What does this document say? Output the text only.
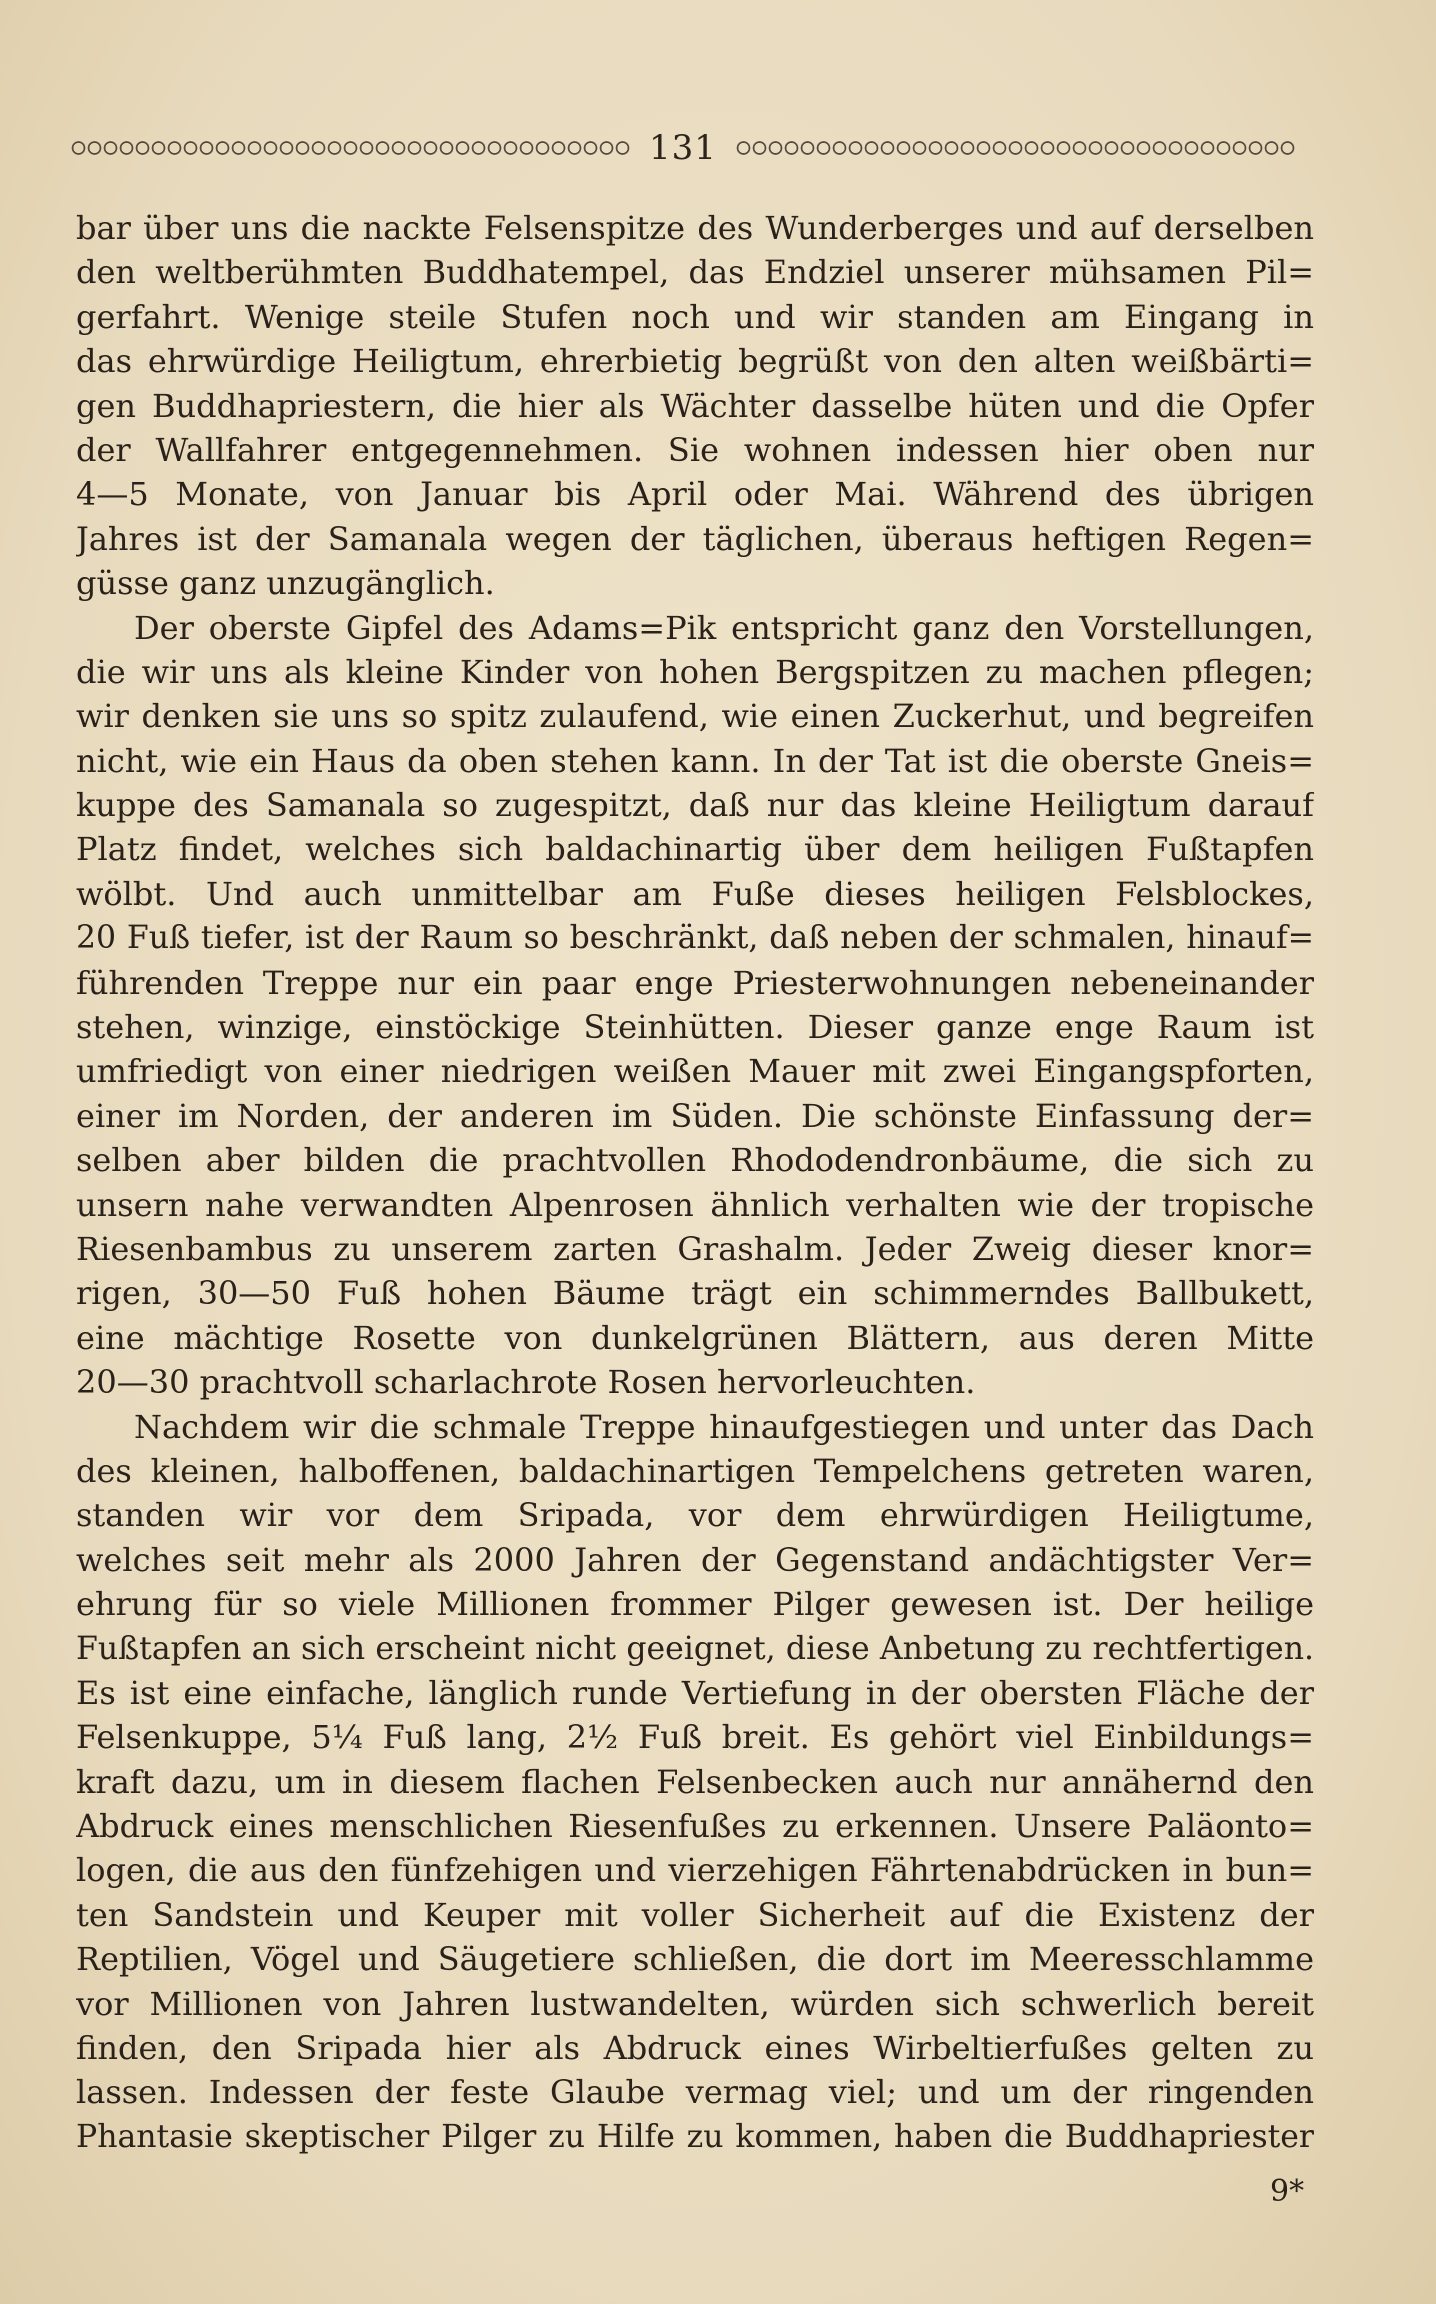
131
bar über uns die nackte Felsenspitze des Wunderberges und auf derselben
den weltberühmten Buddhatempel, das Endziel unserer mühsamen Pil=
gerfahrt. Wenige steile Stufen noch und wir standen am Eingang in
das ehrwürdige Heiligtum, ehrerbietig begrüßt von den alten weißbärti=
gen Buddhapriestern, die hier als Wächter dasselbe hüten und die Opfer
der Wallfahrer entgegennehmen. Sie wohnen indessen hier oben nur
4—5 Monate, von Januar bis April oder Mai. Während des übrigen
Jahres ist der Samanala wegen der täglichen, überaus heftigen Regen=
güsse ganz unzugänglich.
Der oberste Gipfel des Adams=Pik entspricht ganz den Vorstellungen,
die wir uns als kleine Kinder von hohen Bergspitzen zu machen pflegen;
wir denken sie uns so spitz zulaufend, wie einen Zuckerhut, und begreifen
nicht, wie ein Haus da oben stehen kann. In der Tat ist die oberste Gneis=
kuppe des Samanala so zugespitzt, daß nur das kleine Heiligtum darauf
Platz findet, welches sich baldachinartig über dem heiligen Fußtapfen
wölbt. Und auch unmittelbar am Fuße dieses heiligen Felsblockes,
20 Fuß tiefer, ist der Raum so beschränkt, daß neben der schmalen, hinauf=
führenden Treppe nur ein paar enge Priesterwohnungen nebeneinander
stehen, winzige, einstöckige Steinhütten. Dieser ganze enge Raum ist
umfriedigt von einer niedrigen weißen Mauer mit zwei Eingangspforten,
einer im Norden, der anderen im Süden. Die schönste Einfassung der=
selben aber bilden die prachtvollen Rhododendronbäume, die sich zu
unsern nahe verwandten Alpenrosen ähnlich verhalten wie der tropische
Riesenbambus zu unserem zarten Grashalm. Jeder Zweig dieser knor=
rigen, 30—50 Fuß hohen Bäume trägt ein schimmerndes Ballbukett,
eine mächtige Rosette von dunkelgrünen Blättern, aus deren Mitte
20—30 prachtvoll scharlachrote Rosen hervorleuchten.
Nachdem wir die schmale Treppe hinaufgestiegen und unter das Dach
des kleinen, halboffenen, baldachinartigen Tempelchens getreten waren,
standen wir vor dem Sripada, vor dem ehrwürdigen Heiligtume,
welches seit mehr als 2000 Jahren der Gegenstand andächtigster Ver=
ehrung für so viele Millionen frommer Pilger gewesen ist. Der heilige
Fußtapfen an sich erscheint nicht geeignet, diese Anbetung zu rechtfertigen.
Es ist eine einfache, länglich runde Vertiefung in der obersten Fläche der
Felsenkuppe, 5¼ Fuß lang, 2½ Fuß breit. Es gehört viel Einbildungs=
kraft dazu, um in diesem flachen Felsenbecken auch nur annähernd den
Abdruck eines menschlichen Riesenfußes zu erkennen. Unsere Paläonto=
logen, die aus den fünfzehigen und vierzehigen Fährtenabdrücken in bun=
ten Sandstein und Keuper mit voller Sicherheit auf die Existenz der
Reptilien, Vögel und Säugetiere schließen, die dort im Meeresschlamme
vor Millionen von Jahren lustwandelten, würden sich schwerlich bereit
finden, den Sripada hier als Abdruck eines Wirbeltierfußes gelten zu
lassen. Indessen der feste Glaube vermag viel; und um der ringenden
Phantasie skeptischer Pilger zu Hilfe zu kommen, haben die Buddhapriester
9*
